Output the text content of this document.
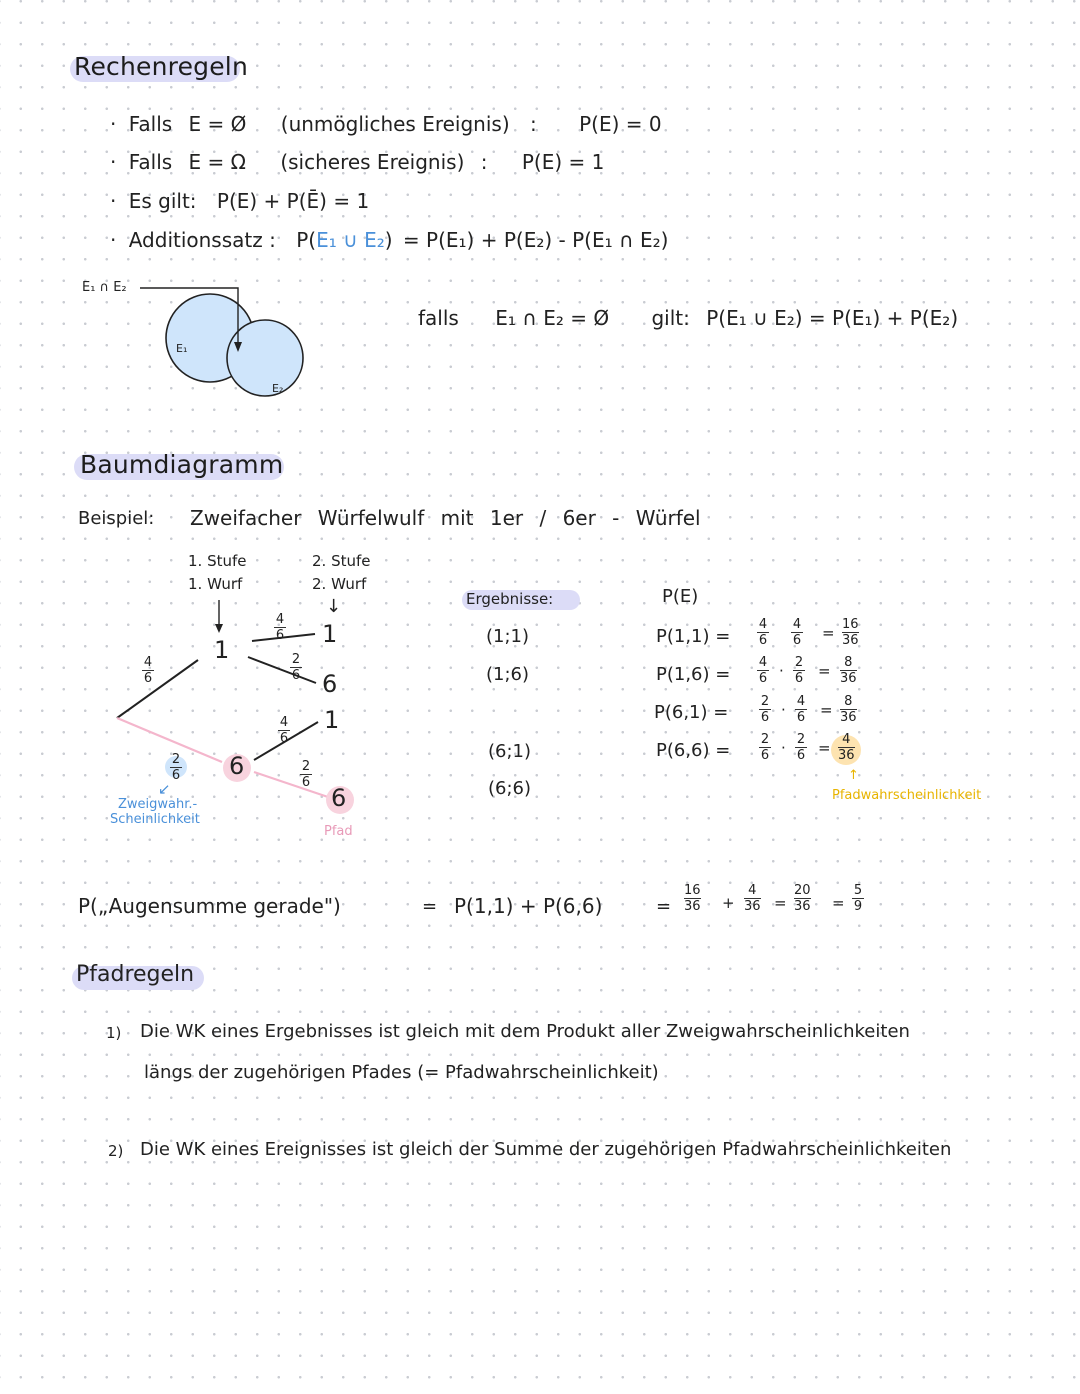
Rechenregeln
· Falls E = Ø (unmögliches Ereignis) : P(E) = 0
· Falls E = Ω (sicheres Ereignis) : P(E) = 1
· Es gilt: P(E) + P(Ē) = 1
· Additionssatz : P(E₁ ∪ E₂) = P(E₁) + P(E₂) - P(E₁ ∩ E₂)
E₁ ∩ E₂
E₁
E₂
falls E₁ ∩ E₂ = Ø gilt: P(E₁ ∪ E₂) = P(E₁) + P(E₂)
Baumdiagramm
Beispiel: Zweifacher Würfelwulf mit 1er / 6er - Würfel
1. Stufe
1. Wurf
2. Stufe
2. Wurf
↓
1
6
1
6
1
6
4
6
2
6
4
6
2
6
4
6
2
6
↙
Zweigwahr.-
Scheinlichkeit
Pfad
Ergebnisse:
(1;1)
(1;6)
(6;1)
(6;6)
P(E)
P(1,1) =
4
6
4
6 = 16
36
P(1,6) =
4
6 · 2
6 = 8
36
P(6,1) =
2
6 · 4
6 = 8
36
P(6,6) =
2
6 · 2
6 = 4
36
↑
Pfadwahrscheinlichkeit
P(„Augensumme gerade")	= P(1,1) + P(6,6)	=
16
36 +
4
36 =
20
36 =
5
9
Pfadregeln
1) Die WK eines Ergebnisses ist gleich mit dem Produkt aller Zweigwahrscheinlichkeiten
längs der zugehörigen Pfades (= Pfadwahrscheinlichkeit)
2) Die WK eines Ereignisses ist gleich der Summe der zugehörigen Pfadwahrscheinlichkeiten
